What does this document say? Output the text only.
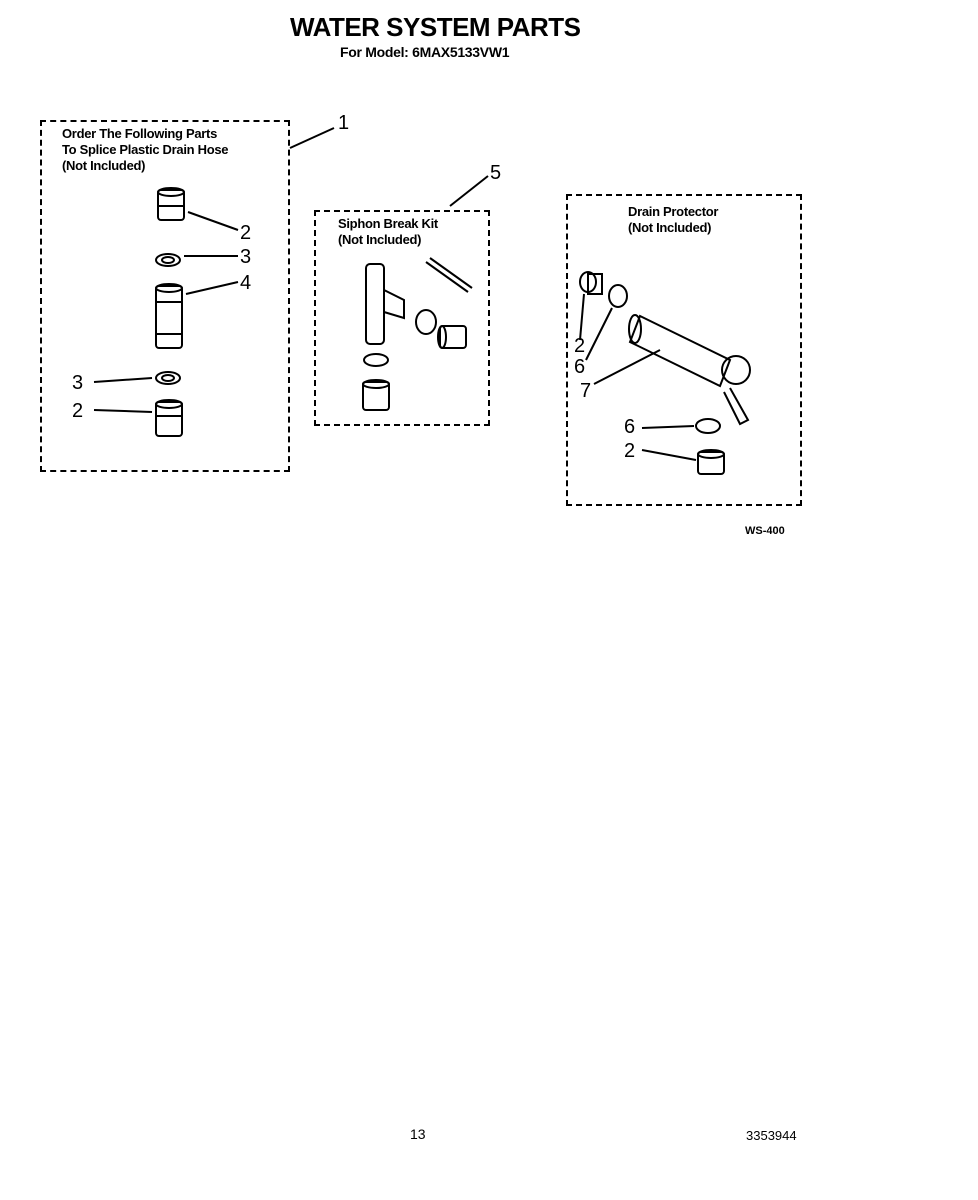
WATER SYSTEM PARTS
For Model: 6MAX5133VW1
Order The Following Parts
To Splice Plastic Drain Hose
(Not Included)
Siphon Break Kit
(Not Included)
Drain Protector
(Not Included)
1
5
2
3
4
3
2
2
6
7
6
2
WS-400
13	3353944
